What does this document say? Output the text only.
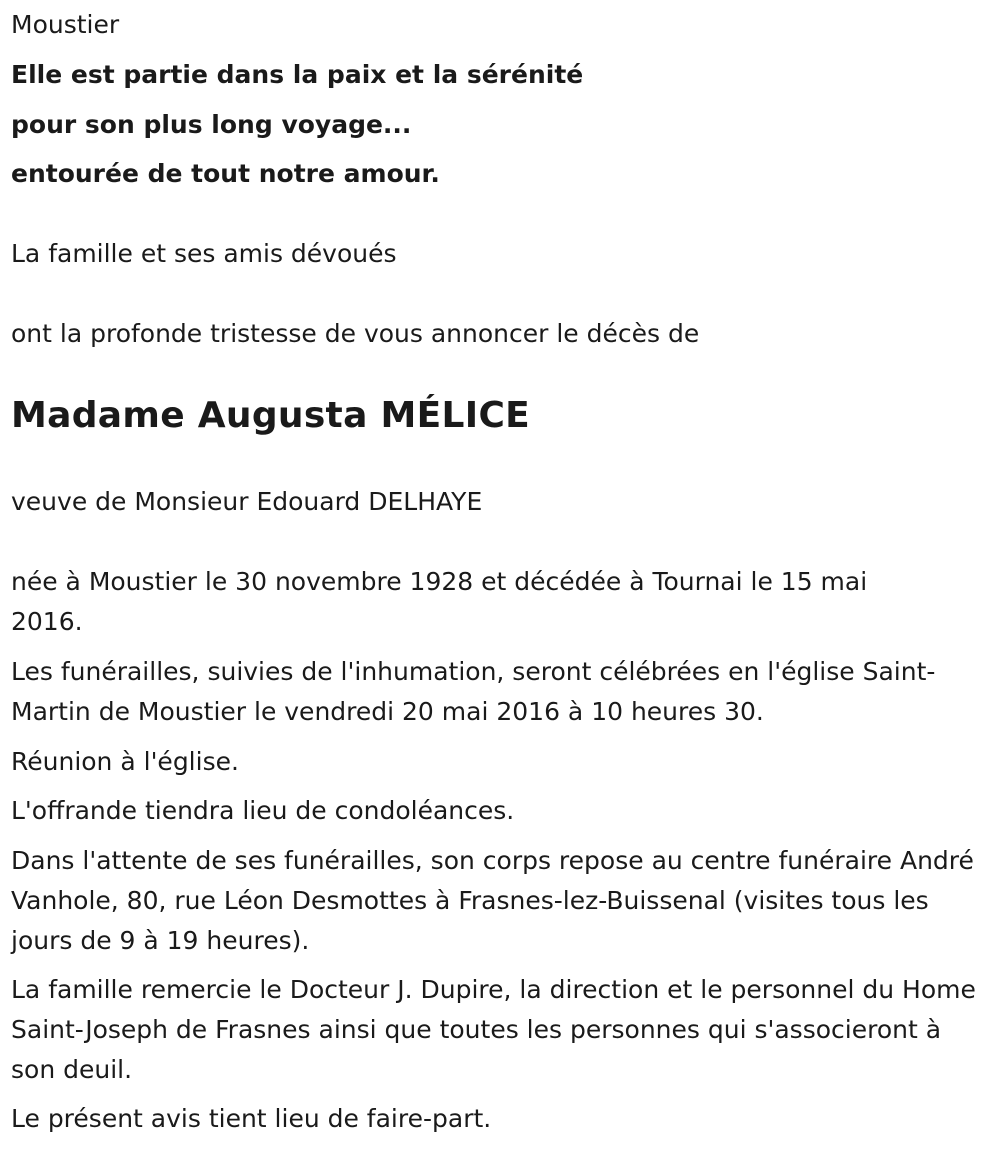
Moustier

Elle est partie dans la paix et la sérénité

pour son plus long voyage...

entourée de tout notre amour.

La famille et ses amis dévoués

ont la profonde tristesse de vous annoncer le décès de

Madame Augusta MÉLICE

veuve de Monsieur Edouard DELHAYE

née à Moustier le 30 novembre 1928 et décédée à Tournai le 15 mai 2016.

Les funérailles, suivies de l'inhumation, seront célébrées en l'église Saint-Martin de Moustier le vendredi 20 mai 2016 à 10 heures 30.

Réunion à l'église.

L'offrande tiendra lieu de condoléances.

Dans l'attente de ses funérailles, son corps repose au centre funéraire André Vanhole, 80, rue Léon Desmottes à Frasnes-lez-Buissenal (visites tous les jours de 9 à 19 heures).

La famille remercie le Docteur J. Dupire, la direction et le personnel du Home Saint-Joseph de Frasnes ainsi que toutes les personnes qui s'associeront à son deuil.

Le présent avis tient lieu de faire-part.
